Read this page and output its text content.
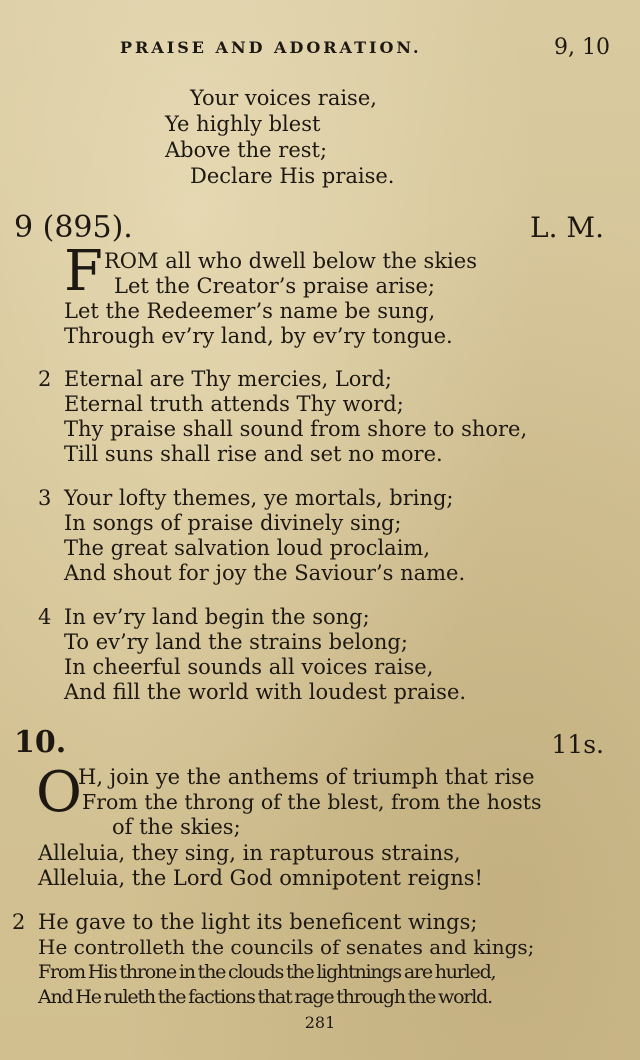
PRAISE AND ADORATION.	9, 10
Your voices raise,
Ye highly blest
Above the rest;
Declare His praise.
9 (895).	L. M.
F ROM all who dwell below the skies
Let the Creator’s praise arise;
Let the Redeemer’s name be sung,
Through ev’ry land, by ev’ry tongue.
2 Eternal are Thy mercies, Lord;
Eternal truth attends Thy word;
Thy praise shall sound from shore to shore,
Till suns shall rise and set no more.
3 Your lofty themes, ye mortals, bring;
In songs of praise divinely sing;
The great salvation loud proclaim,
And shout for joy the Saviour’s name.
4 In ev’ry land begin the song;
To ev’ry land the strains belong;
In cheerful sounds all voices raise,
And fill the world with loudest praise.
10.	11s.
O
H, join ye the anthems of triumph that rise
From the throng of the blest, from the hosts
of the skies;
Alleluia, they sing, in rapturous strains,
Alleluia, the Lord God omnipotent reigns!
2 He gave to the light its beneficent wings;
He controlleth the councils of senates and kings;
From His throne in the clouds the lightnings are hurled,
And He ruleth the factions that rage through the world.
281
